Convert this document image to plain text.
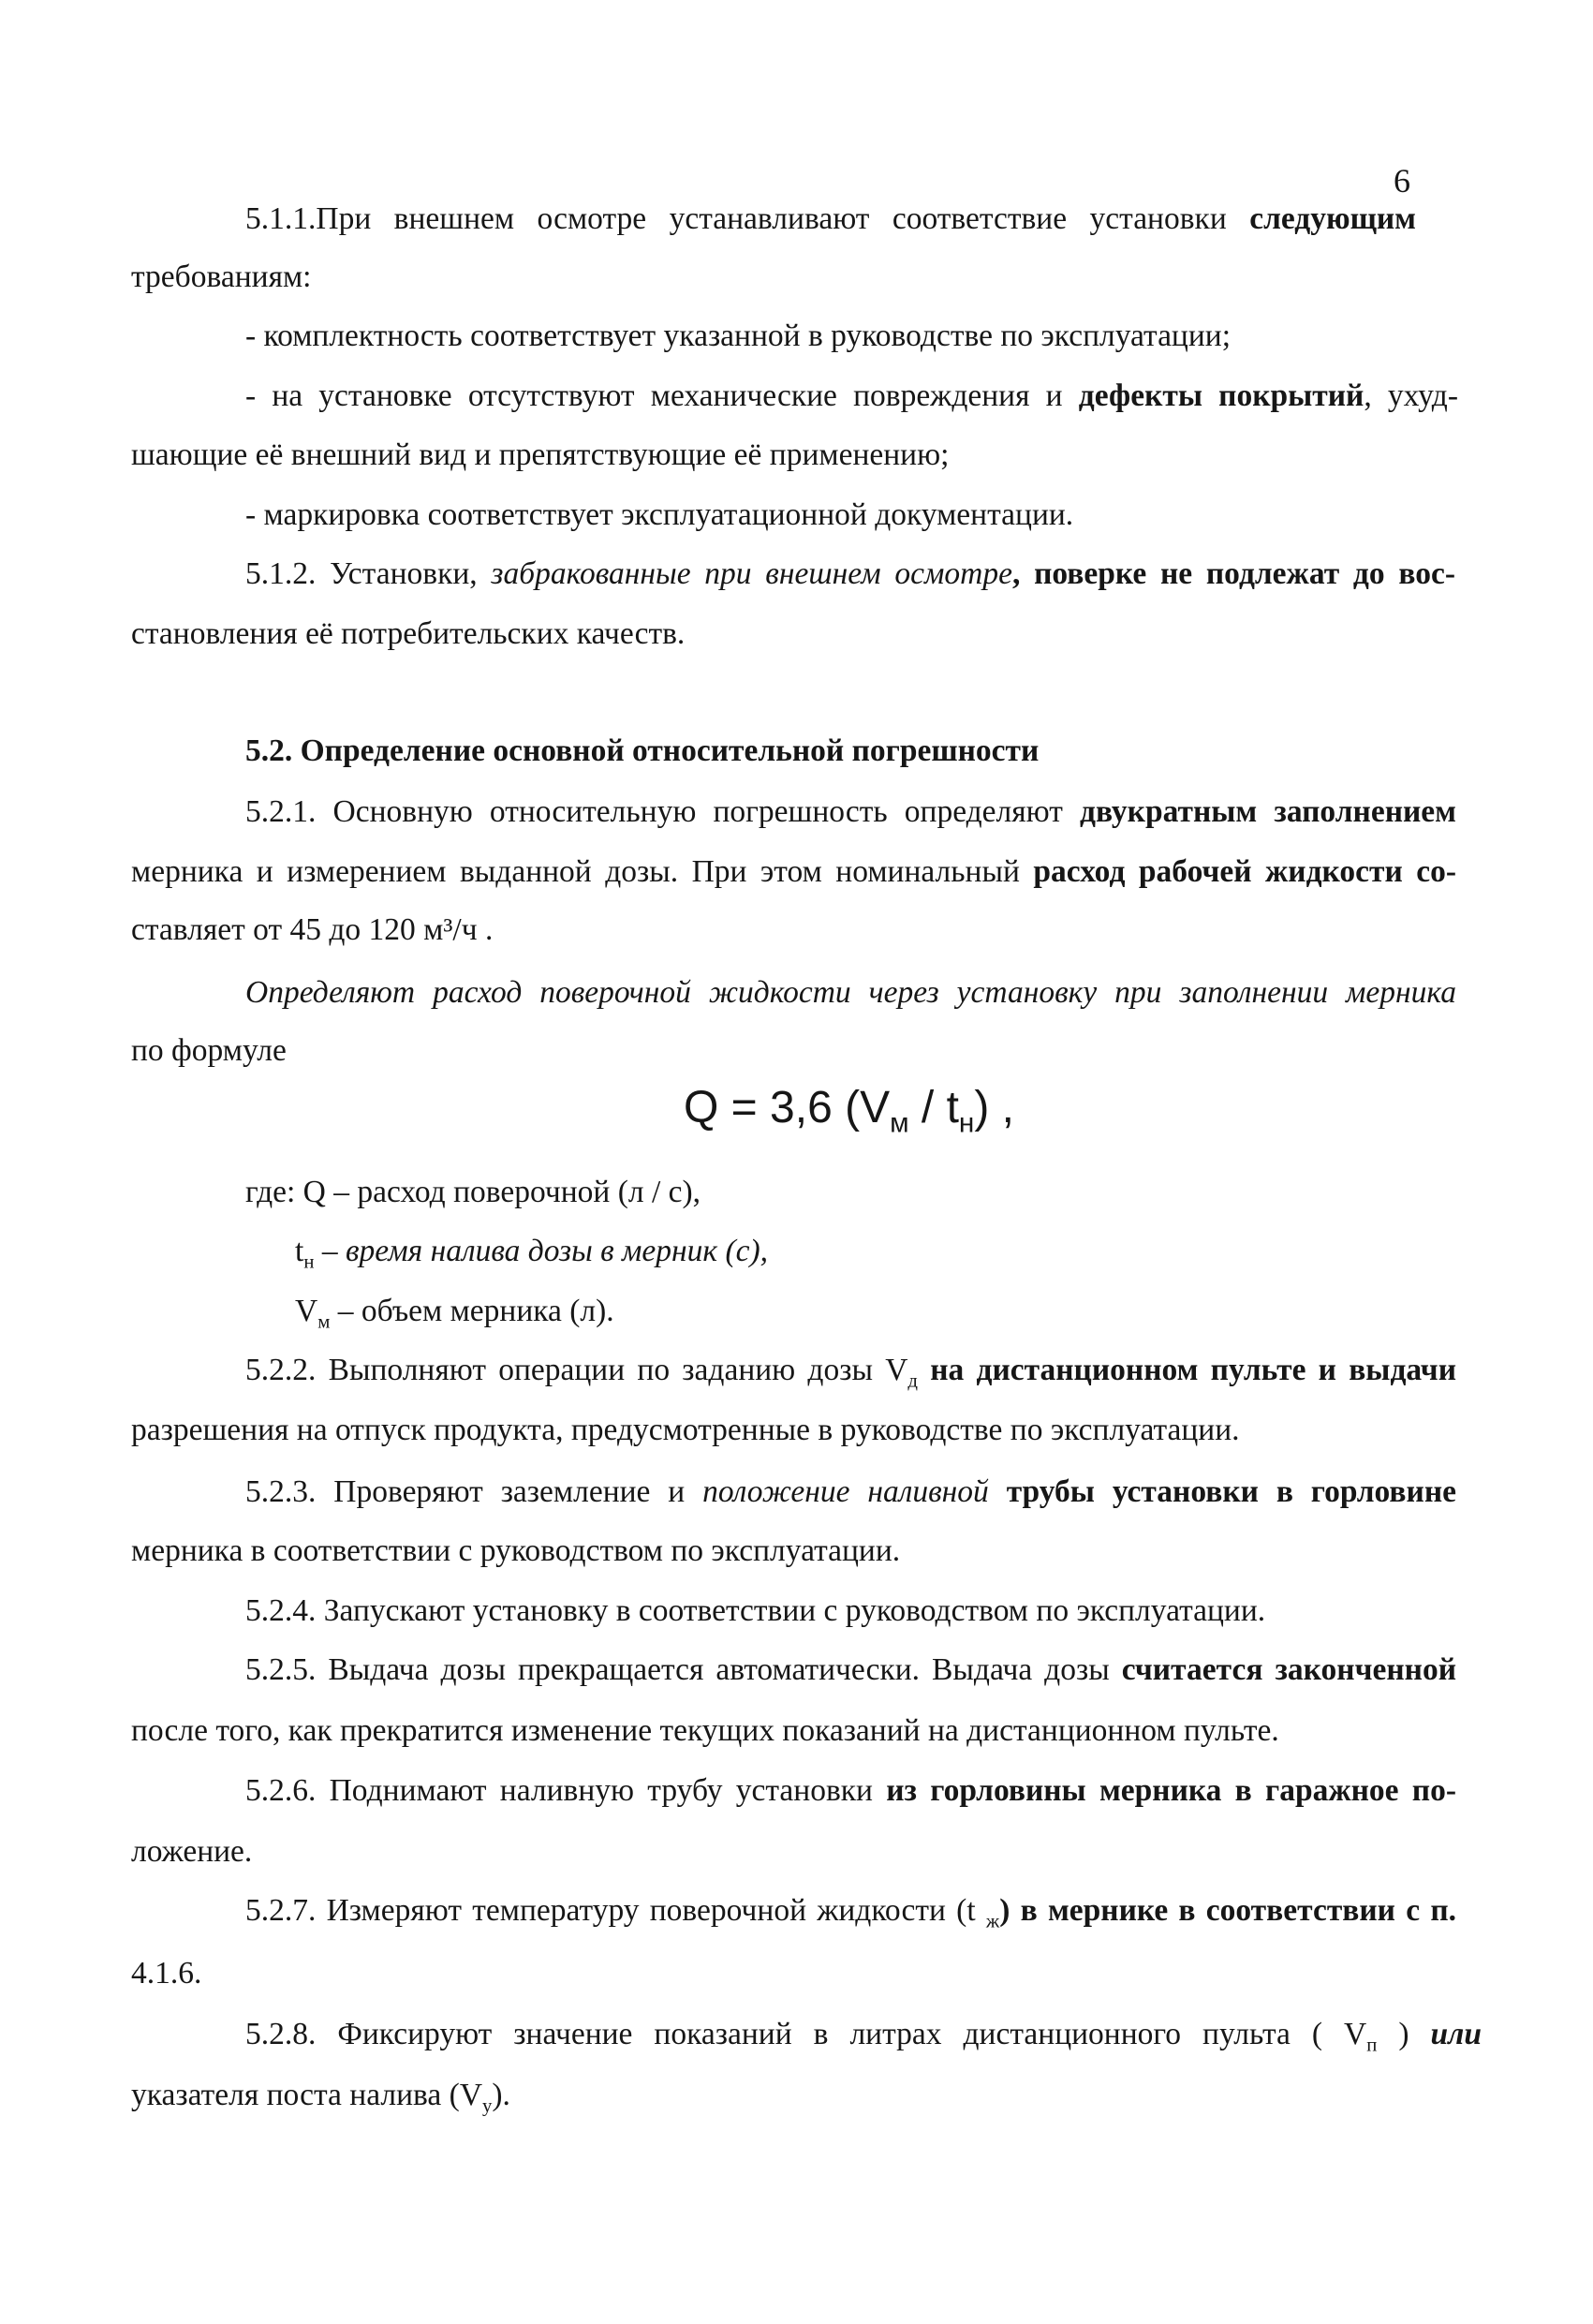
6
5.1.1.При внешнем осмотре устанавливают соответствие установки следующим
требованиям:
- комплектность соответствует указанной в руководстве по эксплуатации;
- на установке отсутствуют механические повреждения и дефекты покрытий, ухуд-
шающие её внешний вид и препятствующие её применению;
- маркировка соответствует эксплуатационной документации.
5.1.2. Установки, забракованные при внешнем осмотре, поверке не подлежат до вос-
становления её потребительских качеств.
5.2. Определение основной относительной погрешности
5.2.1. Основную относительную погрешность определяют двукратным заполнением
мерника и измерением выданной дозы. При этом номинальный расход рабочей жидкости со-
ставляет от 45 до 120 м³/ч .
Определяют расход поверочной жидкости через установку при заполнении мерника
по формуле
Q = 3,6 $(V_м / t_н)$ ,
где: Q – расход поверочной (л / с),
$t_н$ – время налива дозы в мерник (с),
$V_м$ – объем мерника (л).
5.2.2. Выполняют операции по заданию дозы $V_д$ на дистанционном пульте и выдачи
разрешения на отпуск продукта, предусмотренные в руководстве по эксплуатации.
5.2.3. Проверяют заземление и положение наливной трубы установки в горловине
мерника в соответствии с руководством по эксплуатации.
5.2.4. Запускают установку в соответствии с руководством по эксплуатации.
5.2.5. Выдача дозы прекращается автоматически. Выдача дозы считается законченной
после того, как прекратится изменение текущих показаний на дистанционном пульте.
5.2.6. Поднимают наливную трубу установки из горловины мерника в гаражное по-
ложение.
5.2.7. Измеряют температуру поверочной жидкости (t $_ж$) в мернике в соответствии с п.
4.1.6.
5.2.8. Фиксируют значение показаний в литрах дистанционного пульта ( $V_п$ ) или
указателя поста налива $(V_у)$.
